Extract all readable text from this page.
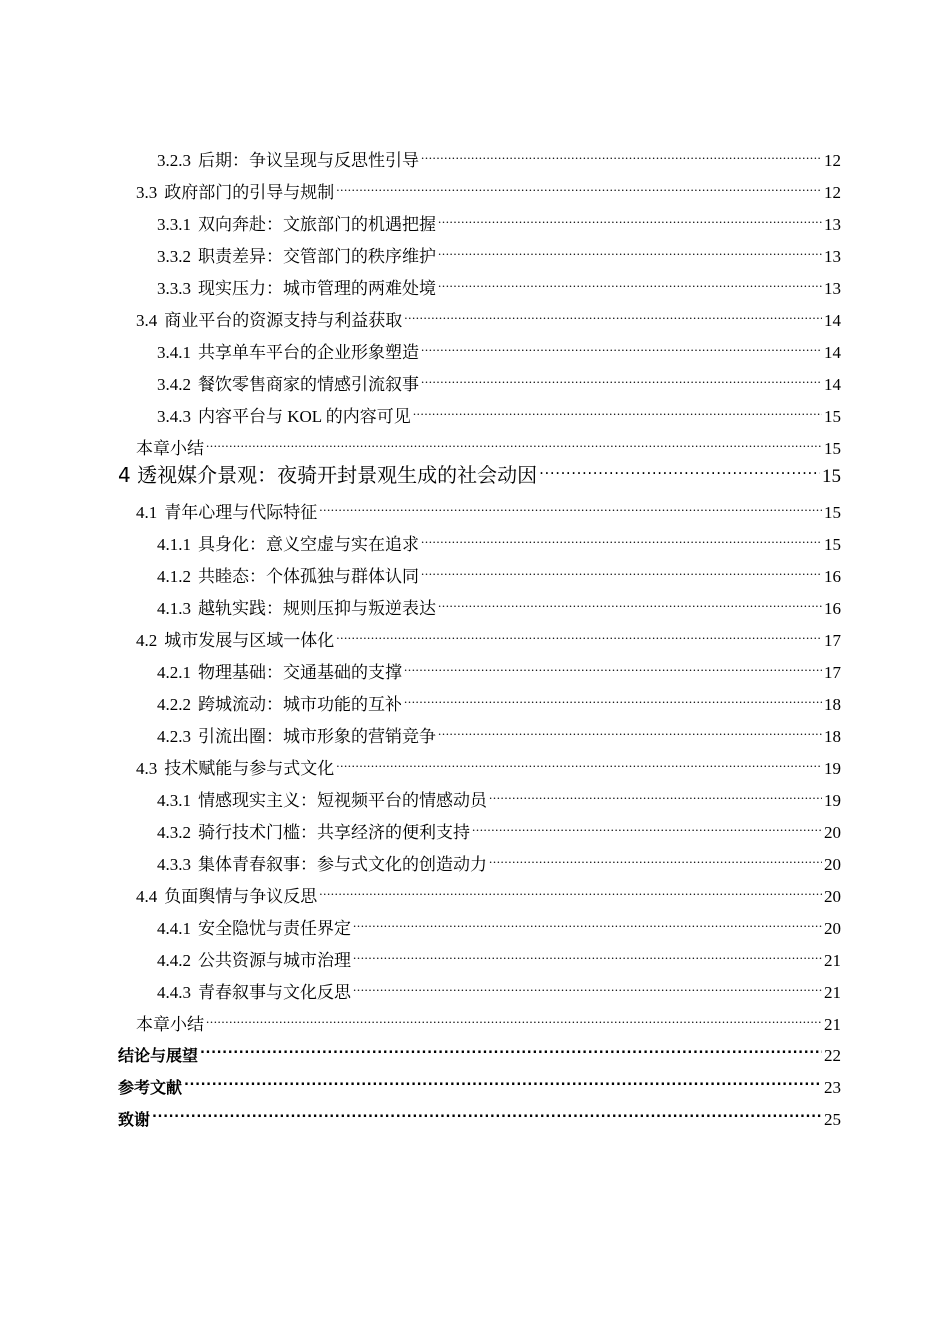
3.2.3 后期：争议呈现与反思性引导 .....	12
3.3 政府部门的引导与规制 .....	12
3.3.1 双向奔赴：文旅部门的机遇把握 .....	13
3.3.2 职责差异：交管部门的秩序维护 .....	13
3.3.3 现实压力：城市管理的两难处境 .....	13
3.4 商业平台的资源支持与利益获取 .....	14
3.4.1 共享单车平台的企业形象塑造 .....	14
3.4.2 餐饮零售商家的情感引流叙事 .....	14
3.4.3 内容平台与 KOL 的内容可见 .....	15
本章小结 .....	15
4 透视媒介景观：夜骑开封景观生成的社会动因 .....	15
4.1 青年心理与代际特征 .....	15
4.1.1 具身化：意义空虚与实在追求 .....	15
4.1.2 共睦态：个体孤独与群体认同 .....	16
4.1.3 越轨实践：规则压抑与叛逆表达 .....	16
4.2 城市发展与区域一体化 .....	17
4.2.1 物理基础：交通基础的支撑 .....	17
4.2.2 跨城流动：城市功能的互补 .....	18
4.2.3 引流出圈：城市形象的营销竞争 .....	18
4.3 技术赋能与参与式文化 .....	19
4.3.1 情感现实主义：短视频平台的情感动员 .....	19
4.3.2 骑行技术门槛：共享经济的便利支持 .....	20
4.3.3 集体青春叙事：参与式文化的创造动力 .....	20
4.4 负面舆情与争议反思 .....	20
4.4.1 安全隐忧与责任界定 .....	20
4.4.2 公共资源与城市治理 .....	21
4.4.3 青春叙事与文化反思 .....	21
本章小结 .....	21
结论与展望 .....	22
参考文献 .....	23
致谢 .....	25
